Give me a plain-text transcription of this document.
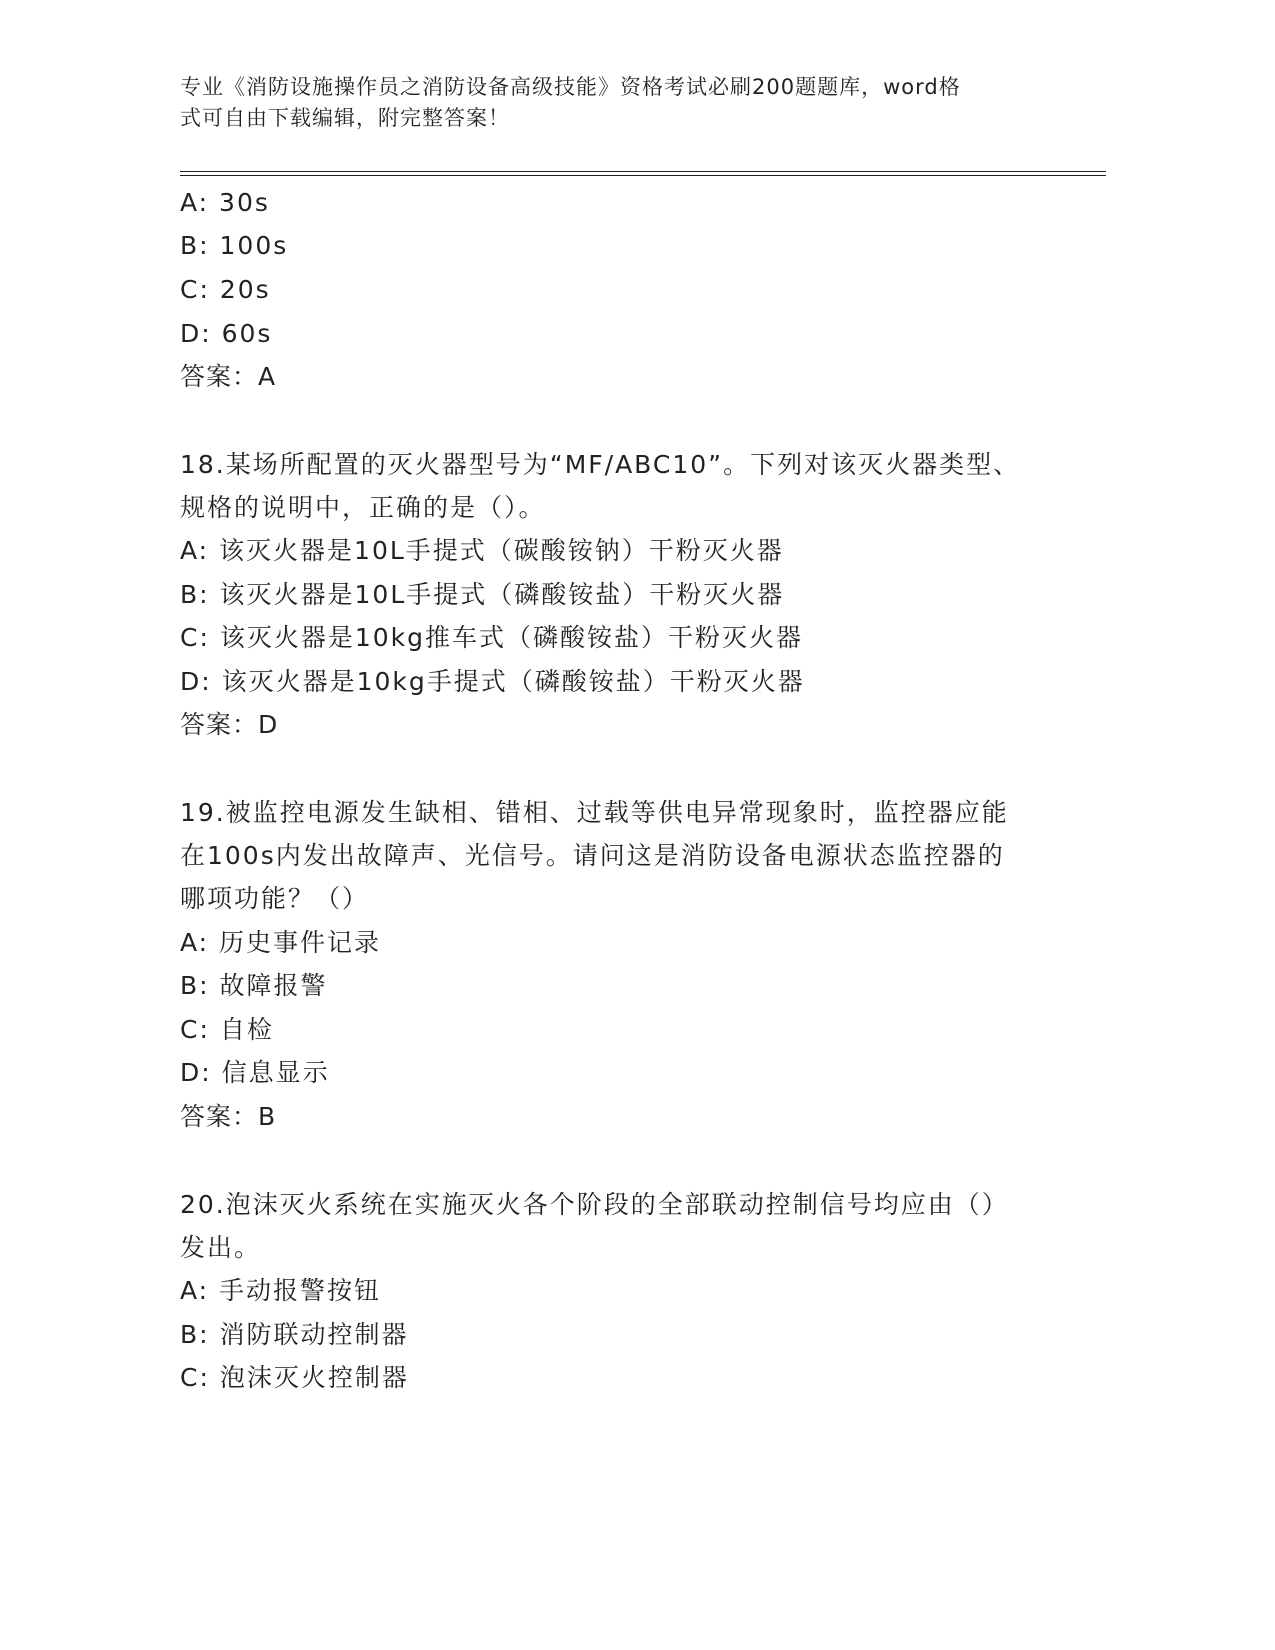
专业《消防设施操作员之消防设备高级技能》资格考试必刷200题题库，word格
式可自由下载编辑，附完整答案！
A: 30s
B: 100s
C: 20s
D: 60s
答案：A
18.某场所配置的灭火器型号为“MF/ABC10”。下列对该灭火器类型、
规格的说明中，正确的是（）。
A: 该灭火器是10L手提式（碳酸铵钠）干粉灭火器
B: 该灭火器是10L手提式（磷酸铵盐）干粉灭火器
C: 该灭火器是10kg推车式（磷酸铵盐）干粉灭火器
D: 该灭火器是10kg手提式（磷酸铵盐）干粉灭火器
答案：D
19.被监控电源发生缺相、错相、过载等供电异常现象时，监控器应能
在100s内发出故障声、光信号。请问这是消防设备电源状态监控器的
哪项功能？（）
A: 历史事件记录
B: 故障报警
C: 自检
D: 信息显示
答案：B
20.泡沫灭火系统在实施灭火各个阶段的全部联动控制信号均应由（）
发出。
A: 手动报警按钮
B: 消防联动控制器
C: 泡沫灭火控制器
